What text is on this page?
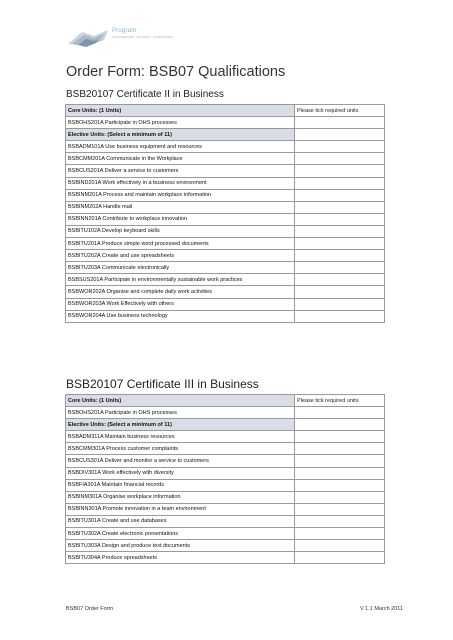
Program
COURSEWARE · TRAINING · ASSESSMENT
Order Form: BSB07 Qualifications
BSB20107 Certificate II in Business
Core Units: (1 Units)	Please tick required units
BSBOHS201A Participate in OHS processes	
Elective Units: (Select a minimum of 11)	
BSBADM101A Use business equipment and resources	
BSBCMM201A Communicate in the Workplace	
BSBCUS201A Deliver a service to customers	
BSBIND201A Work effectively in a business environment	
BSBINM201A Process and maintain workplace information	
BSBINM202A Handle mail	
BSBINN201A Contribute to workplace innovation	
BSBITU102A Develop keyboard skills	
BSBITU201A Produce simple word processed documents	
BSBITU202A Create and use spreadsheets	
BSBITU203A Communicate electronically	
BSBSUS201A Participate in environmentally sustainable work practices	
BSBWOR202A Organise and complete daily work activities	
BSBWOR203A Work Effectively with others	
BSBWOR204A Use business technology	
BSB20107 Certificate III in Business
Core Units: (1 Units)	Please tick required units
BSBOHS201A Participate in OHS processes	
Elective Units: (Select a minimum of 11)	
BSBADM311A Maintain business resources	
BSBCMM301A Process customer complaints	
BSBCUS301A Deliver and monitor a service to customers	
BSBDIV301A Work effectively with diversity	
BSBFIA301A Maintain financial records	
BSBINM301A Organise workplace information	
BSBINN301A Promote innovation in a team environment	
BSBITU301A Create and use databases	
BSBITU302A Create electronic presentations	
BSBITU303A Design and produce text documents	
BSBITU304A Produce spreadsheets	
BSB07 Order Form	V 1.1 March 2011
